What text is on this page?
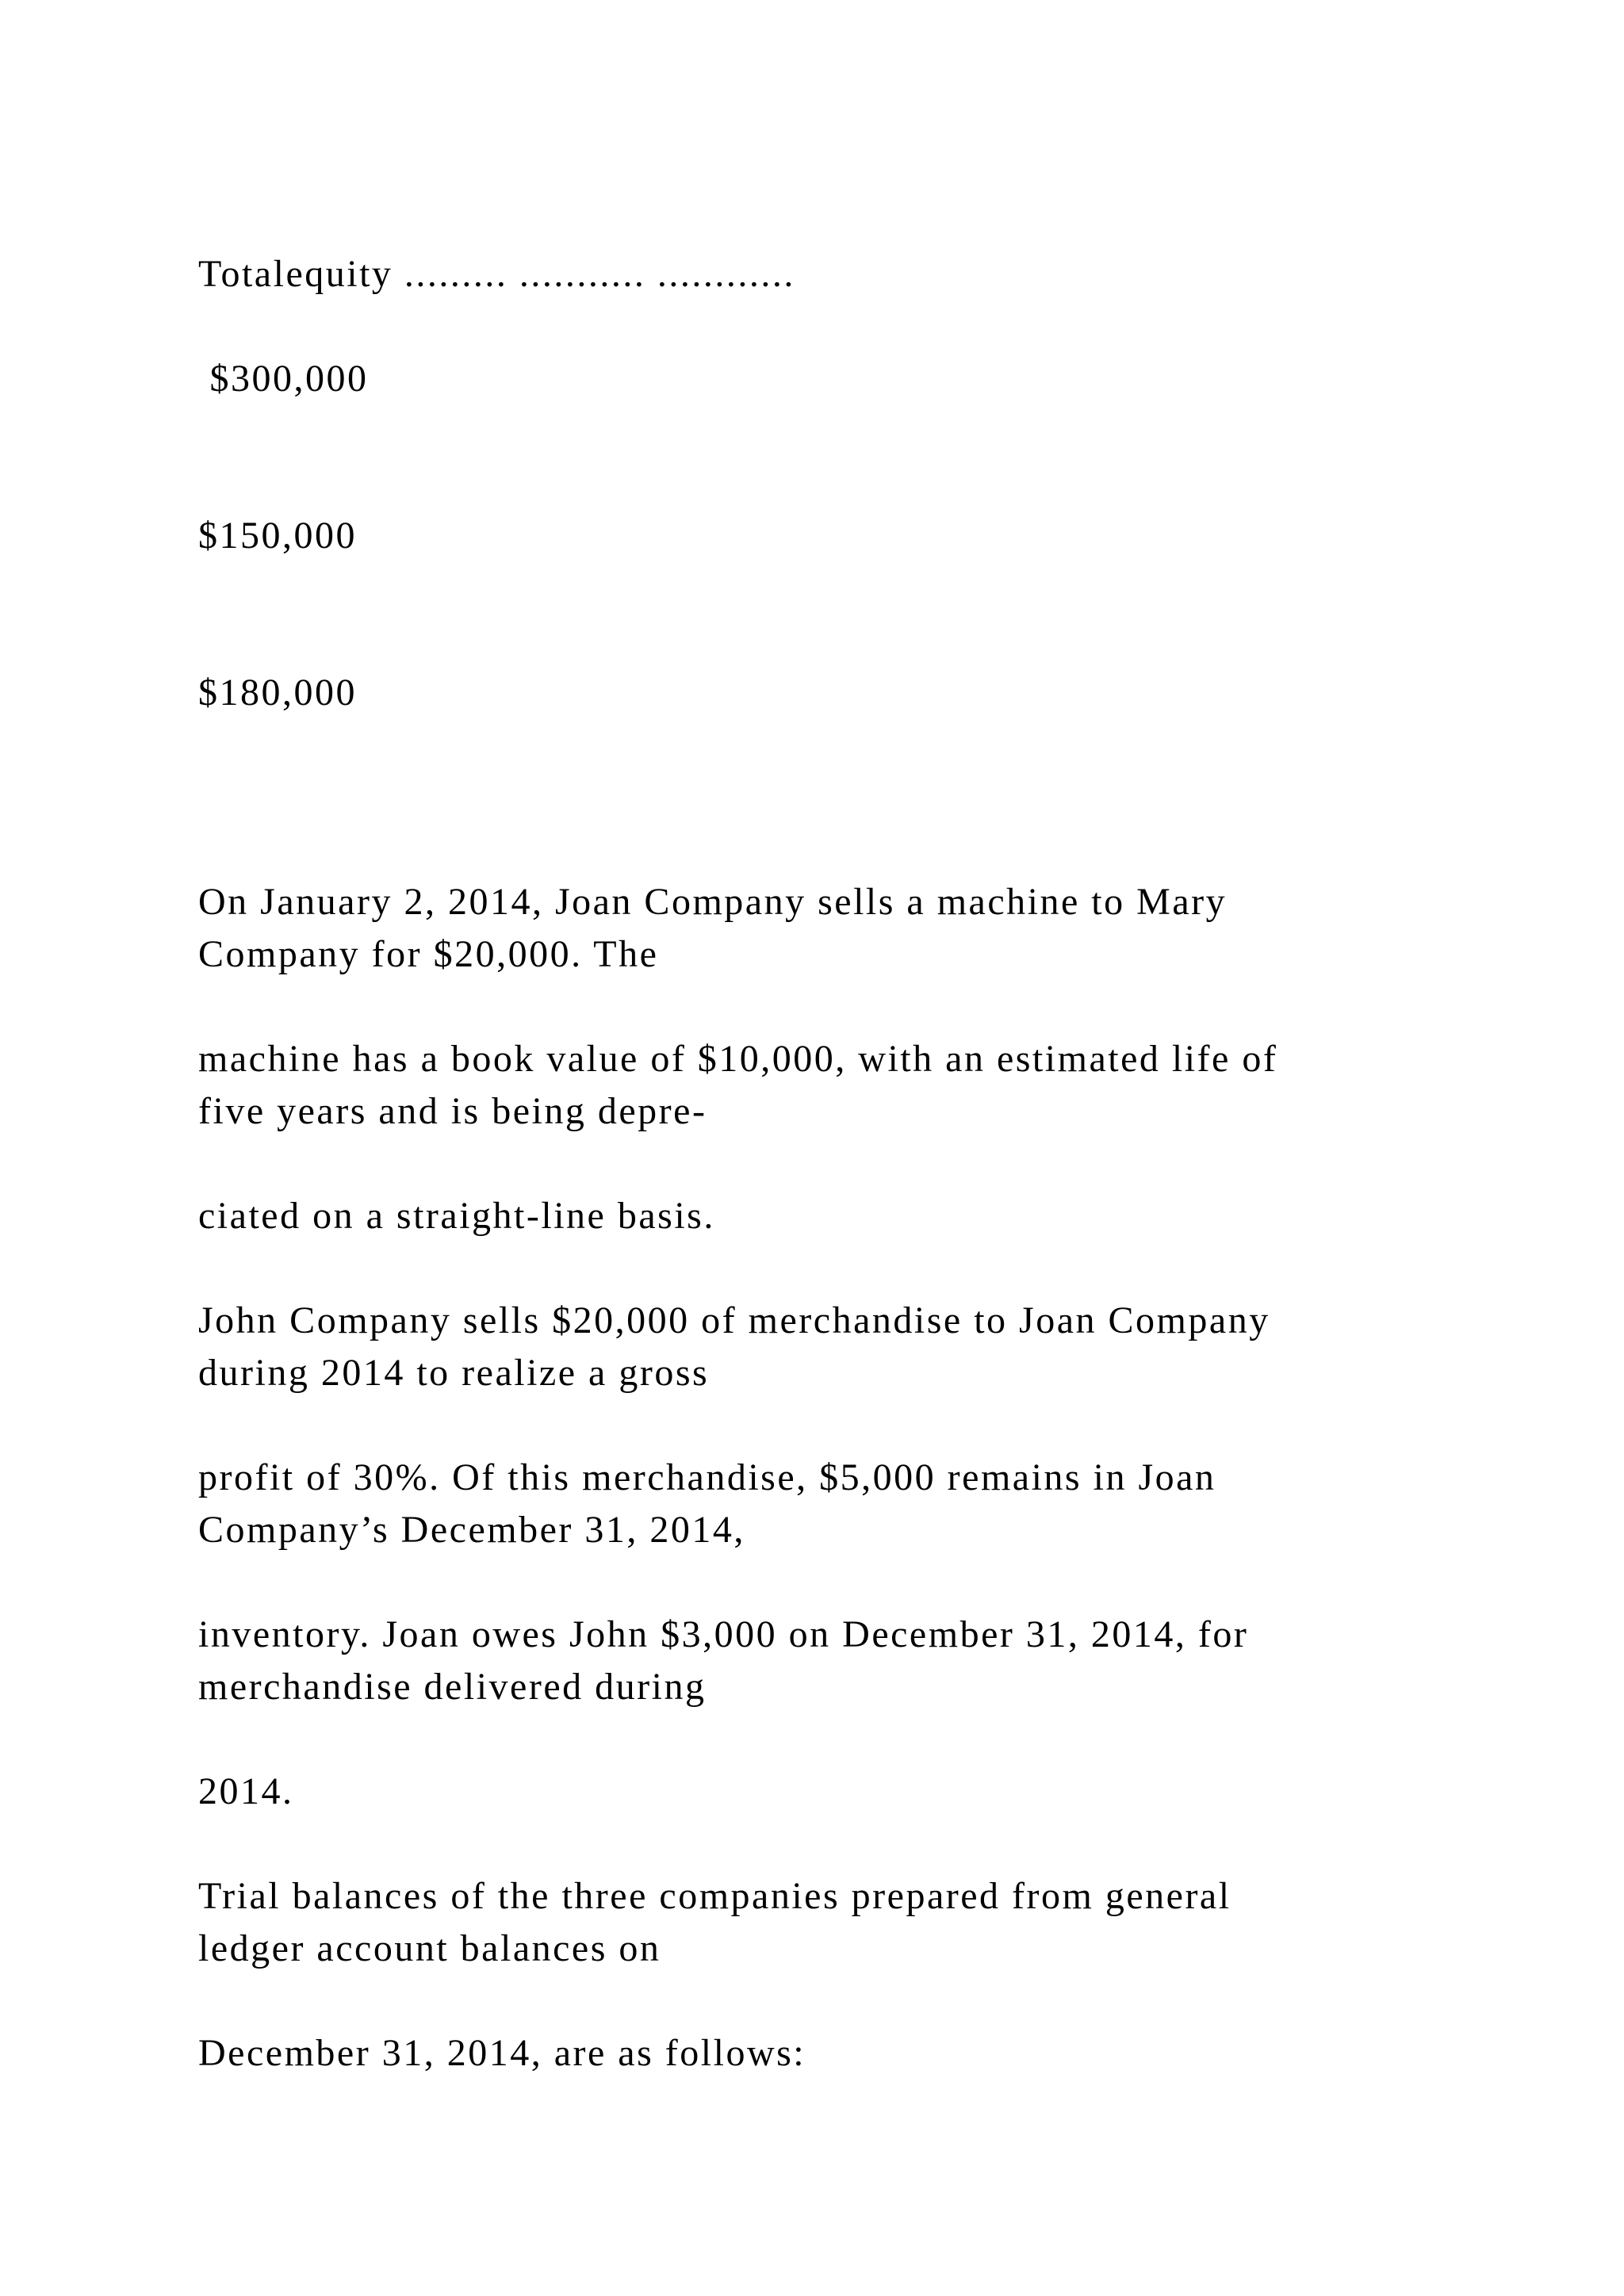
Totalequity ......... ........... ............

$300,000

$150,000

$180,000

On January 2, 2014, Joan Company sells a machine to Mary
Company for $20,000. The

machine has a book value of $10,000, with an estimated life of
five years and is being depre-

ciated on a straight-line basis.

John Company sells $20,000 of merchandise to Joan Company
during 2014 to realize a gross

profit of 30%. Of this merchandise, $5,000 remains in Joan
Company’s December 31, 2014,

inventory. Joan owes John $3,000 on December 31, 2014, for
merchandise delivered during

2014.

Trial balances of the three companies prepared from general
ledger account balances on

December 31, 2014, are as follows:
